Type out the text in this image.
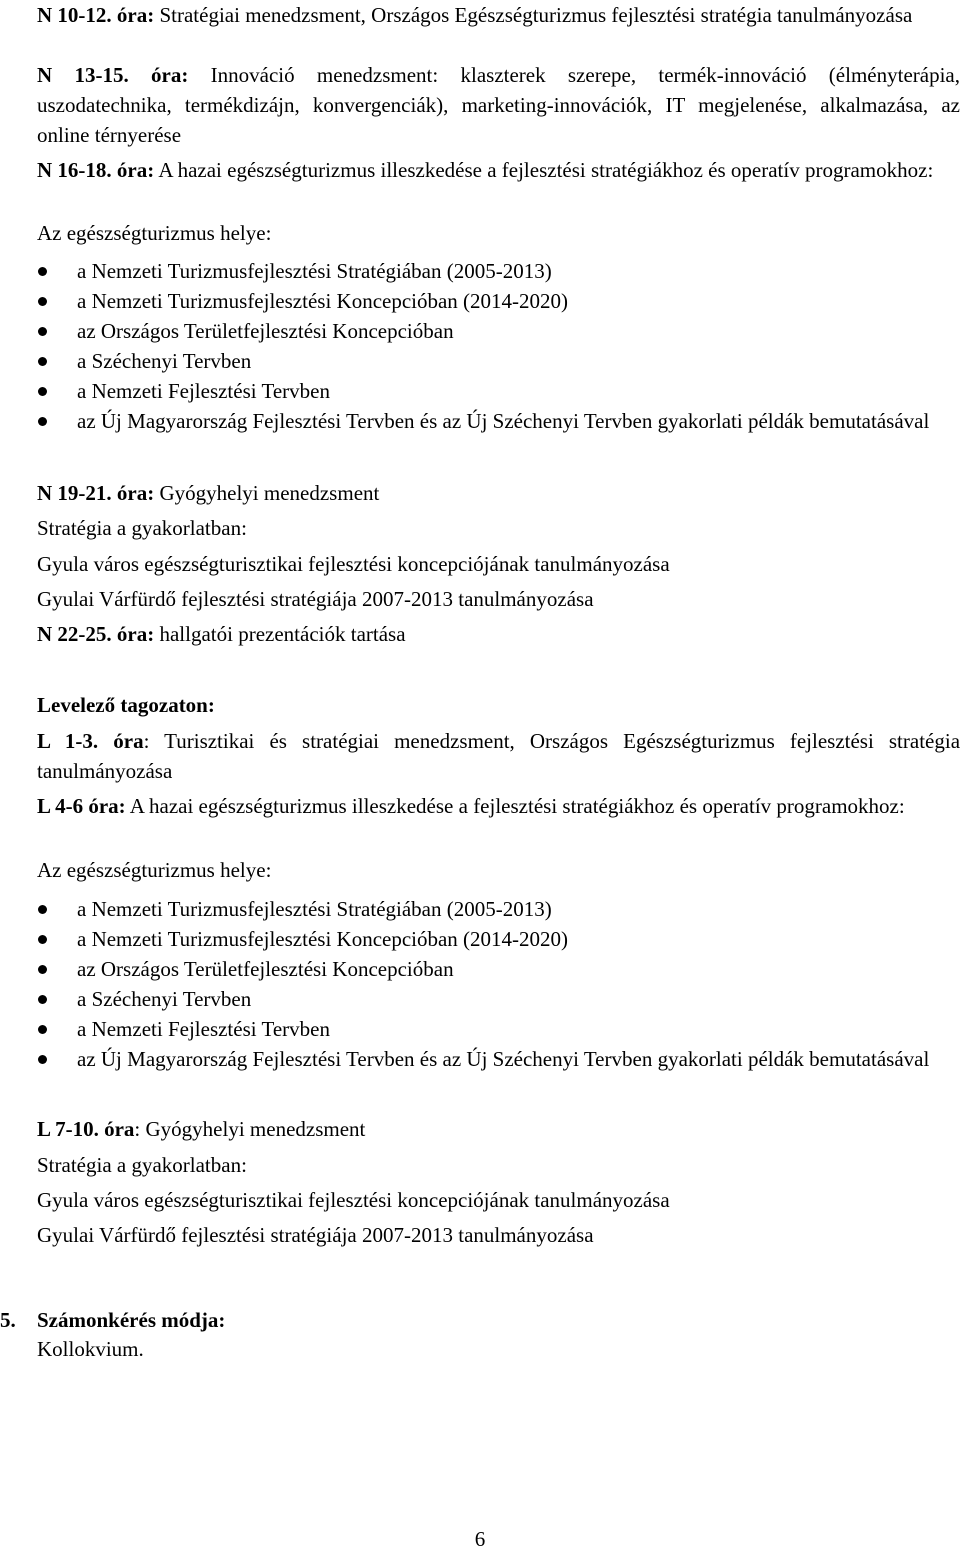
N 10-12. óra: Stratégiai menedzsment, Országos Egészségturizmus fejlesztési stratégia tanulmányozása

N 13-15. óra: Innováció menedzsment: klaszterek szerepe, termék-innováció (élményterápia, uszodatechnika, termékdizájn, konvergenciák), marketing-innovációk, IT megjelenése, alkalmazása, az online térnyerése

N 16-18. óra: A hazai egészségturizmus illeszkedése a fejlesztési stratégiákhoz és operatív programokhoz:

Az egészségturizmus helye:

a Nemzeti Turizmusfejlesztési Stratégiában (2005-2013)
a Nemzeti Turizmusfejlesztési Koncepcióban (2014-2020)
az Országos Területfejlesztési Koncepcióban
a Széchenyi Tervben
a Nemzeti Fejlesztési Tervben
az Új Magyarország Fejlesztési Tervben és az Új Széchenyi Tervben gyakorlati példák bemutatásával

N 19-21. óra: Gyógyhelyi menedzsment

Stratégia a gyakorlatban:

Gyula város egészségturisztikai fejlesztési koncepciójának tanulmányozása

Gyulai Várfürdő fejlesztési stratégiája 2007-2013 tanulmányozása

N 22-25. óra: hallgatói prezentációk tartása

Levelező tagozaton:

L 1-3. óra: Turisztikai és stratégiai menedzsment, Országos Egészségturizmus fejlesztési stratégia tanulmányozása

L 4-6 óra: A hazai egészségturizmus illeszkedése a fejlesztési stratégiákhoz és operatív programokhoz:

Az egészségturizmus helye:

a Nemzeti Turizmusfejlesztési Stratégiában (2005-2013)
a Nemzeti Turizmusfejlesztési Koncepcióban (2014-2020)
az Országos Területfejlesztési Koncepcióban
a Széchenyi Tervben
a Nemzeti Fejlesztési Tervben
az Új Magyarország Fejlesztési Tervben és az Új Széchenyi Tervben gyakorlati példák bemutatásával

L 7-10. óra: Gyógyhelyi menedzsment

Stratégia a gyakorlatban:

Gyula város egészségturisztikai fejlesztési koncepciójának tanulmányozása

Gyulai Várfürdő fejlesztési stratégiája 2007-2013 tanulmányozása

5. Számonkérés módja:

Kollokvium.

6
